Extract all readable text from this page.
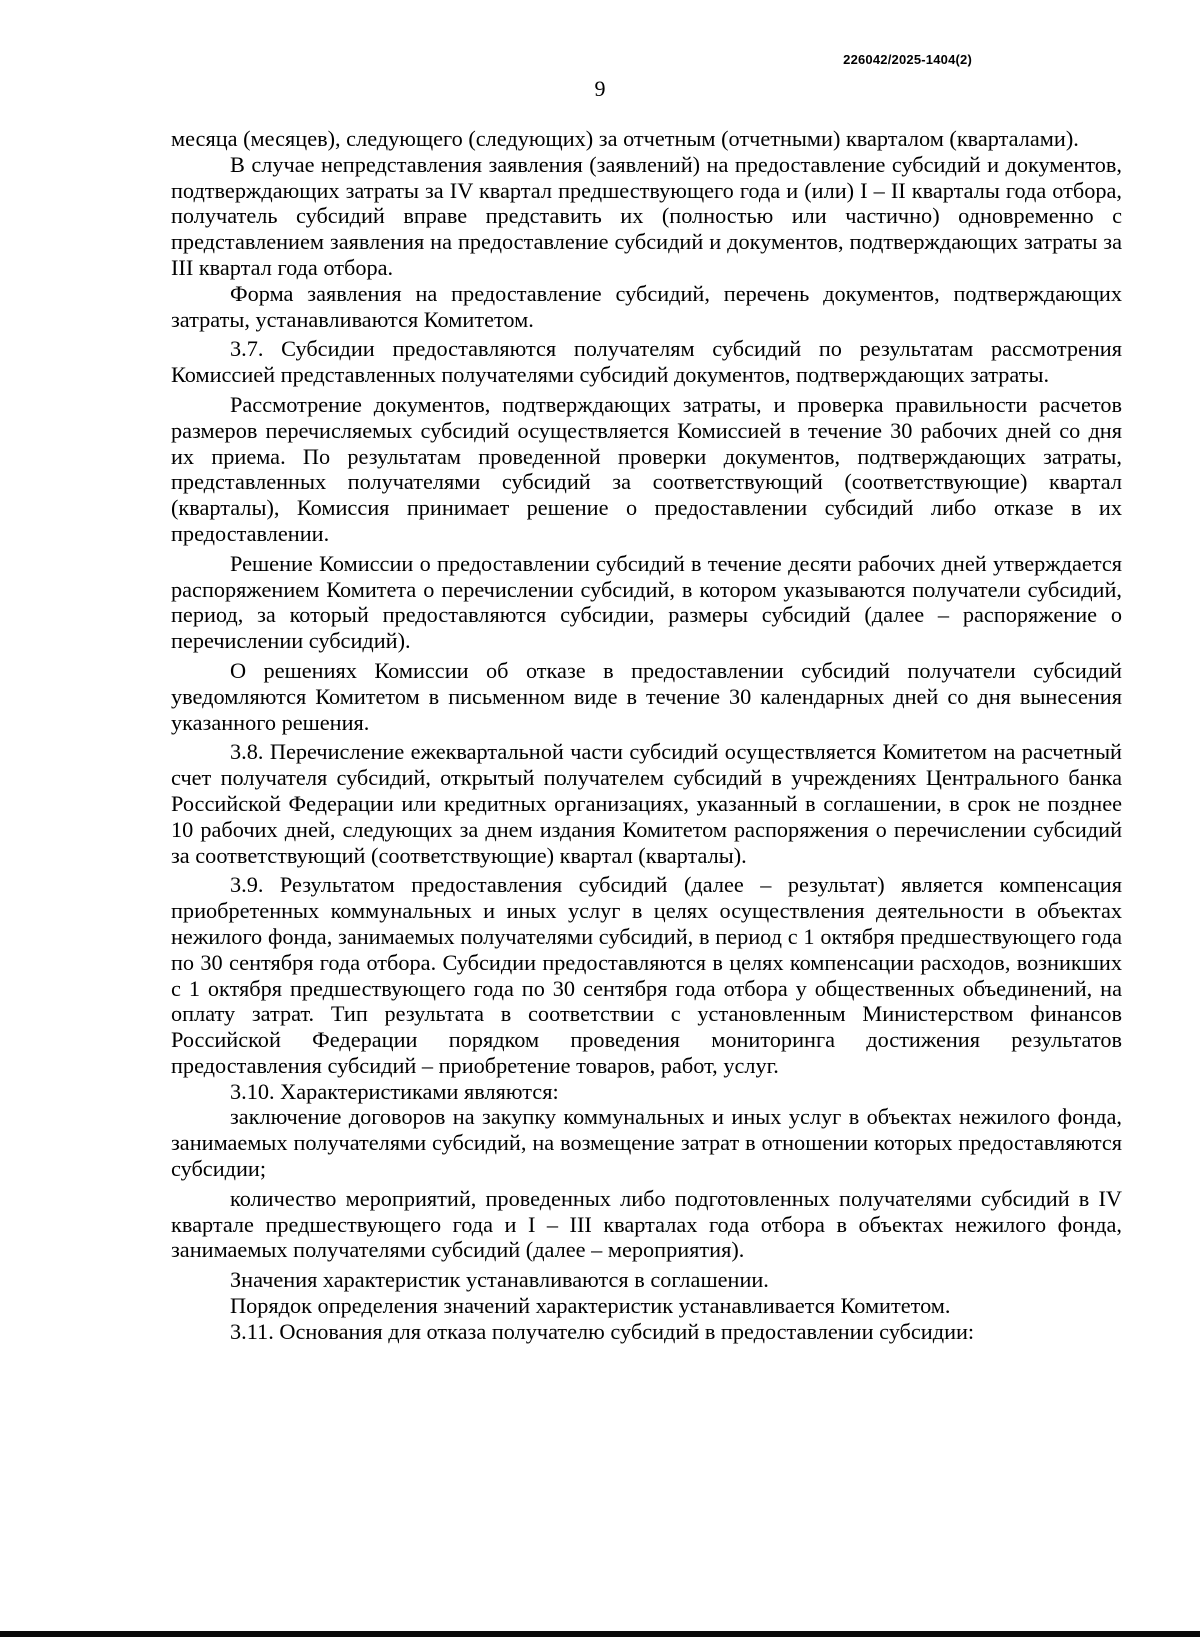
226042/2025-1404(2)
9

месяца (месяцев), следующего (следующих) за отчетным (отчетными) кварталом (кварталами).

В случае непредставления заявления (заявлений) на предоставление субсидий и документов, подтверждающих затраты за IV квартал предшествующего года и (или) I – II кварталы года отбора, получатель субсидий вправе представить их (полностью или частично) одновременно с представлением заявления на предоставление субсидий и документов, подтверждающих затраты за III квартал года отбора.

Форма заявления на предоставление субсидий, перечень документов, подтверждающих затраты, устанавливаются Комитетом.

3.7. Субсидии предоставляются получателям субсидий по результатам рассмотрения Комиссией представленных получателями субсидий документов, подтверждающих затраты.

Рассмотрение документов, подтверждающих затраты, и проверка правильности расчетов размеров перечисляемых субсидий осуществляется Комиссией в течение 30 рабочих дней со дня их приема. По результатам проведенной проверки документов, подтверждающих затраты, представленных получателями субсидий за соответствующий (соответствующие) квартал (кварталы), Комиссия принимает решение о предоставлении субсидий либо отказе в их предоставлении.

Решение Комиссии о предоставлении субсидий в течение десяти рабочих дней утверждается распоряжением Комитета о перечислении субсидий, в котором указываются получатели субсидий, период, за который предоставляются субсидии, размеры субсидий (далее – распоряжение о перечислении субсидий).

О решениях Комиссии об отказе в предоставлении субсидий получатели субсидий уведомляются Комитетом в письменном виде в течение 30 календарных дней со дня вынесения указанного решения.

3.8. Перечисление ежеквартальной части субсидий осуществляется Комитетом на расчетный счет получателя субсидий, открытый получателем субсидий в учреждениях Центрального банка Российской Федерации или кредитных организациях, указанный в соглашении, в срок не позднее 10 рабочих дней, следующих за днем издания Комитетом распоряжения о перечислении субсидий за соответствующий (соответствующие) квартал (кварталы).

3.9. Результатом предоставления субсидий (далее – результат) является компенсация приобретенных коммунальных и иных услуг в целях осуществления деятельности в объектах нежилого фонда, занимаемых получателями субсидий, в период с 1 октября предшествующего года по 30 сентября года отбора. Субсидии предоставляются в целях компенсации расходов, возникших с 1 октября предшествующего года по 30 сентября года отбора у общественных объединений, на оплату затрат. Тип результата в соответствии с установленным Министерством финансов Российской Федерации порядком проведения мониторинга достижения результатов предоставления субсидий – приобретение товаров, работ, услуг.

3.10. Характеристиками являются:

заключение договоров на закупку коммунальных и иных услуг в объектах нежилого фонда, занимаемых получателями субсидий, на возмещение затрат в отношении которых предоставляются субсидии;

количество мероприятий, проведенных либо подготовленных получателями субсидий в IV квартале предшествующего года и I – III кварталах года отбора в объектах нежилого фонда, занимаемых получателями субсидий (далее – мероприятия).

Значения характеристик устанавливаются в соглашении.

Порядок определения значений характеристик устанавливается Комитетом.

3.11. Основания для отказа получателю субсидий в предоставлении субсидии:
